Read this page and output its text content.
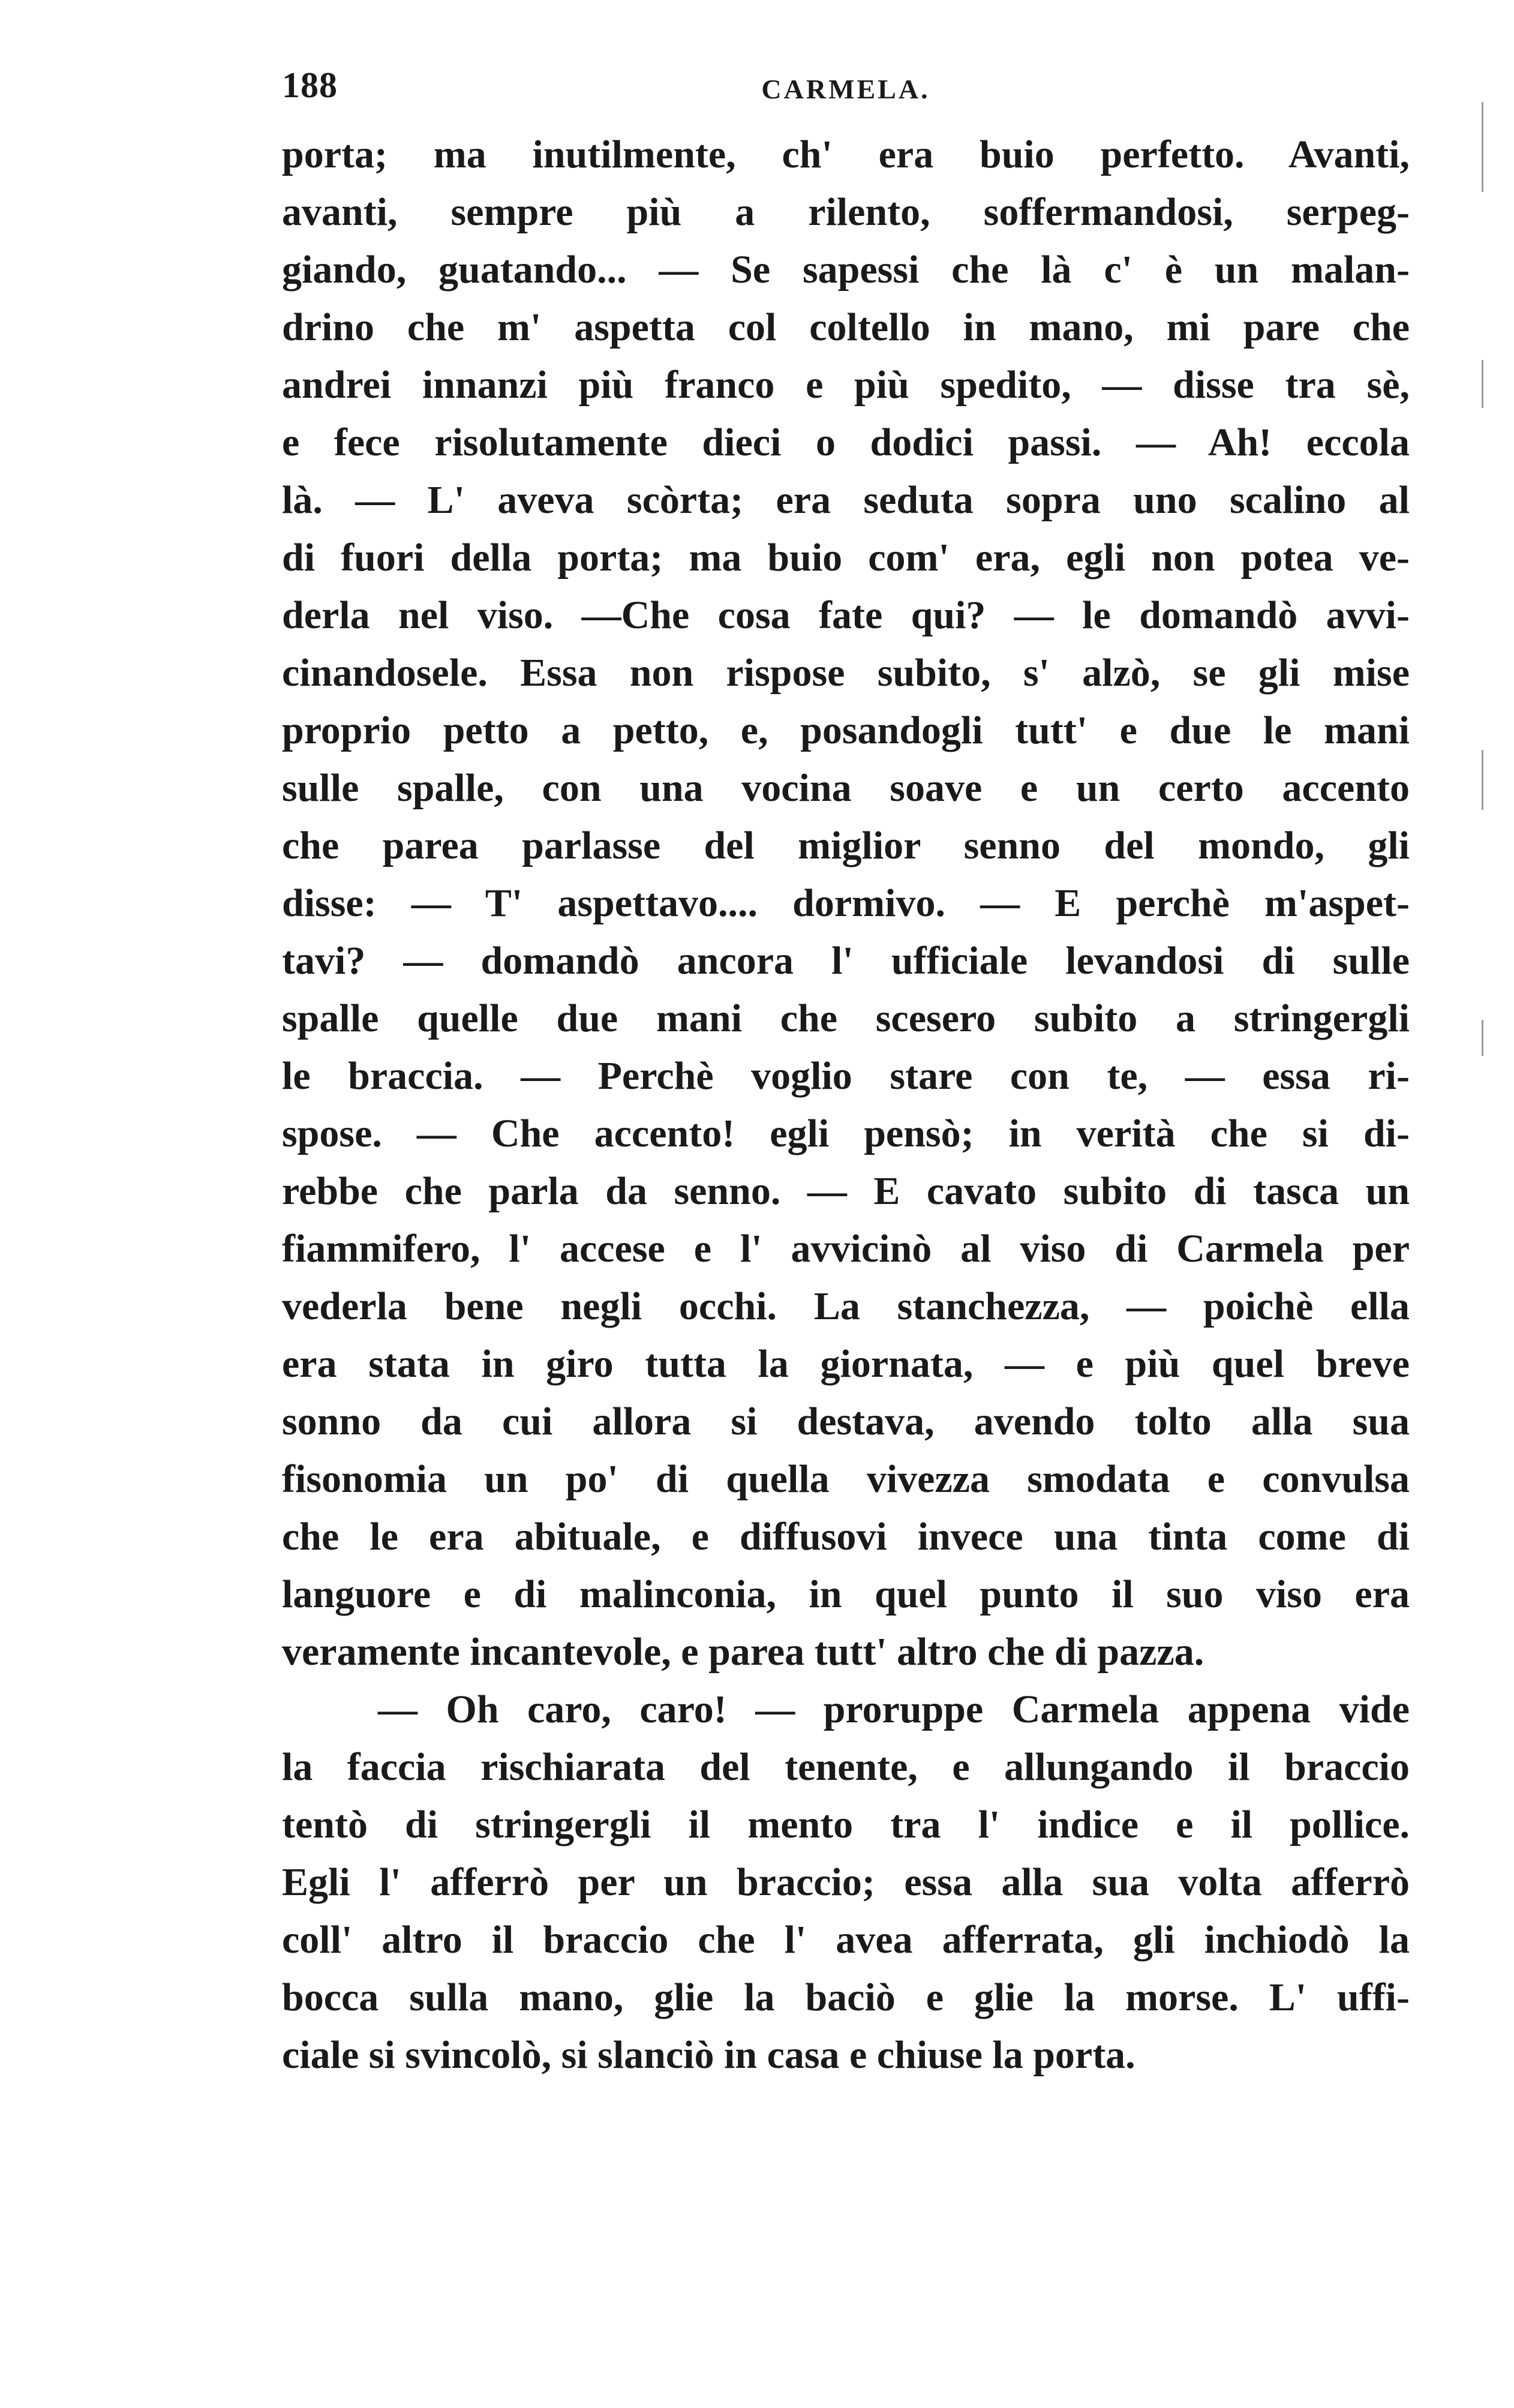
188	CARMELA.
porta; ma inutilmente, ch' era buio perfetto. Avanti,
avanti, sempre più a rilento, soffermandosi, serpeg-
giando, guatando... — Se sapessi che là c' è un malan-
drino che m' aspetta col coltello in mano, mi pare che
andrei innanzi più franco e più spedito, — disse tra sè,
e fece risolutamente dieci o dodici passi. — Ah! eccola
là. — L' aveva scòrta; era seduta sopra uno scalino al
di fuori della porta; ma buio com' era, egli non potea ve-
derla nel viso. —Che cosa fate qui? — le domandò avvi-
cinandosele. Essa non rispose subito, s' alzò, se gli mise
proprio petto a petto, e, posandogli tutt' e due le mani
sulle spalle, con una vocina soave e un certo accento
che parea parlasse del miglior senno del mondo, gli
disse: — T' aspettavo.... dormivo. — E perchè m'aspet-
tavi? — domandò ancora l' ufficiale levandosi di sulle
spalle quelle due mani che scesero subito a stringergli
le braccia. — Perchè voglio stare con te, — essa ri-
spose. — Che accento! egli pensò; in verità che si di-
rebbe che parla da senno. — E cavato subito di tasca un
fiammifero, l' accese e l' avvicinò al viso di Carmela per
vederla bene negli occhi. La stanchezza, — poichè ella
era stata in giro tutta la giornata, — e più quel breve
sonno da cui allora si destava, avendo tolto alla sua
fisonomia un po' di quella vivezza smodata e convulsa
che le era abituale, e diffusovi invece una tinta come di
languore e di malinconia, in quel punto il suo viso era
veramente incantevole, e parea tutt' altro che di pazza.
— Oh caro, caro! — proruppe Carmela appena vide
la faccia rischiarata del tenente, e allungando il braccio
tentò di stringergli il mento tra l' indice e il pollice.
Egli l' afferrò per un braccio; essa alla sua volta afferrò
coll' altro il braccio che l' avea afferrata, gli inchiodò la
bocca sulla mano, glie la baciò e glie la morse. L' uffi-
ciale si svincolò, si slanciò in casa e chiuse la porta.
